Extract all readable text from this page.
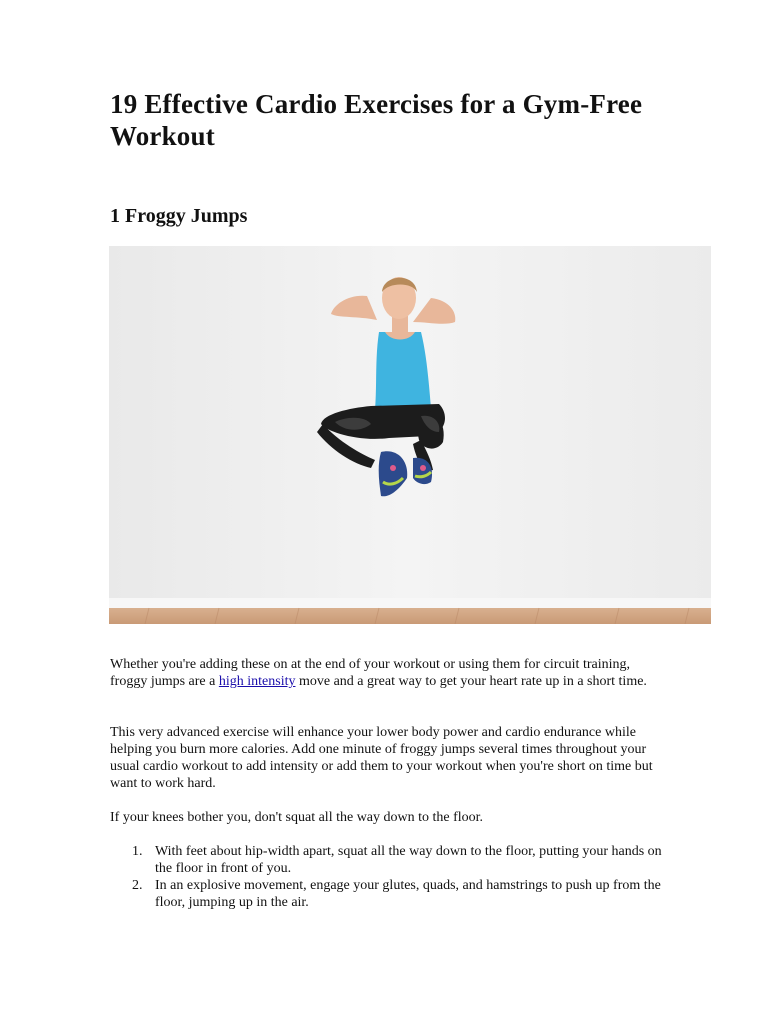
19 Effective Cardio Exercises for a Gym-Free Workout
1 Froggy Jumps

Whether you're adding these on at the end of your workout or using them for circuit training, froggy jumps are a high intensity move and a great way to get your heart rate up in a short time.

This very advanced exercise will enhance your lower body power and cardio endurance while helping you burn more calories. Add one minute of froggy jumps several times throughout your usual cardio workout to add intensity or add them to your workout when you're short on time but want to work hard.

If your knees bother you, don't squat all the way down to the floor.

1. With feet about hip-width apart, squat all the way down to the floor, putting your hands on the floor in front of you.
2. In an explosive movement, engage your glutes, quads, and hamstrings to push up from the floor, jumping up in the air.
